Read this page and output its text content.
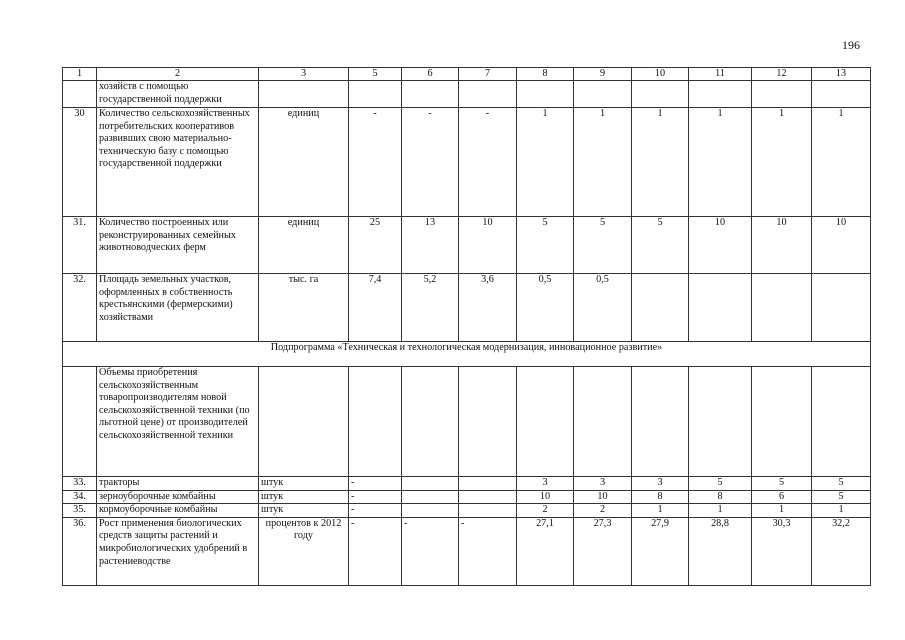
196
1	2	3	5	6	7	8	9	10	11	12	13
	хозяйств с помощью государственной поддержки										
30	Количество сельскохозяйственных потребительских кооперативов развивших свою материально-техническую базу с помощью государственной поддержки	единиц	-	-	-	1	1	1	1	1	1
31.	Количество построенных или реконструированных семейных животноводческих ферм	единиц	25	13	10	5	5	5	10	10	10
32.	Площадь земельных участков, оформленных в собственность крестьянскими (фермерскими) хозяйствами	тыс. га	7,4	5,2	3,6	0,5	0,5				
Подпрограмма «Техническая и технологическая модернизация, инновационное развитие»											
	Объемы приобретения сельскохозяйственным товаропроизводителям новой сельскохозяйственной техники (по льготной цене) от производителей сельскохозяйственной техники										
33.	тракторы	штук	-			3	3	3	5	5	5
34.	зерноуборочные комбайны	штук	-			10	10	8	8	6	5
35.	кормоуборочные комбайны	штук	-			2	2	1	1	1	1
36.	Рост применения биологических средств защиты растений и микробиологических удобрений в растениеводстве	процентов к 2012 году	-	-	-	27,1	27,3	27,9	28,8	30,3	32,2
